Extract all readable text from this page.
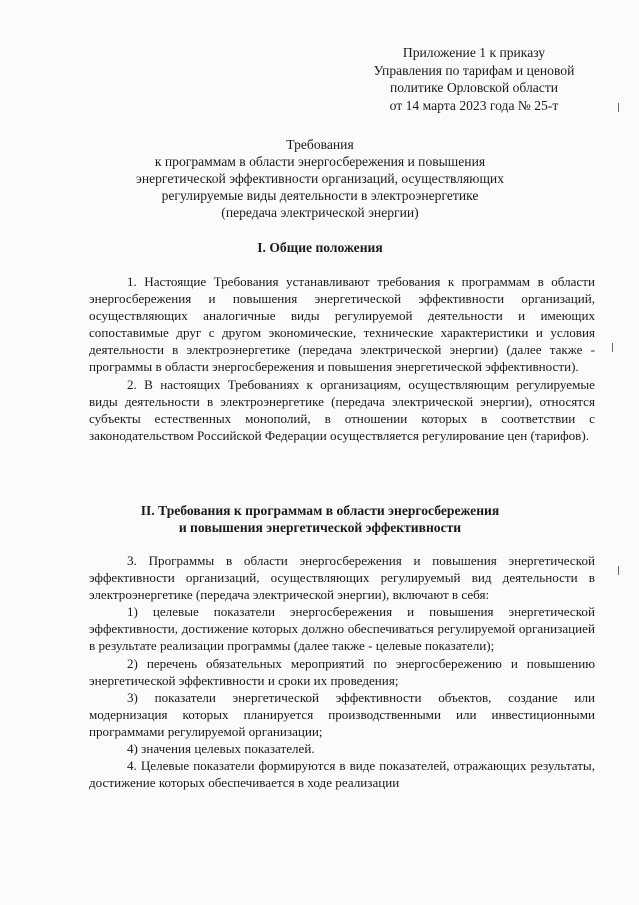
Приложение 1 к приказу
Управления по тарифам и ценовой
политике Орловской области
от 14 марта 2023 года № 25-т
Требования
к программам в области энергосбережения и повышения
энергетической эффективности организаций, осуществляющих
регулируемые виды деятельности в электроэнергетике
(передача электрической энергии)
I. Общие положения

1. Настоящие Требования устанавливают требования к программам в области энергосбережения и повышения энергетической эффективности организаций, осуществляющих аналогичные виды регулируемой деятельности и имеющих сопоставимые друг с другом экономические, технические характеристики и условия деятельности в электроэнергетике (передача электрической энергии) (далее также - программы в области энергосбережения и повышения энергетической эффективности).

2. В настоящих Требованиях к организациям, осуществляющим регулируемые виды деятельности в электроэнергетике (передача электрической энергии), относятся субъекты естественных монополий, в отношении которых в соответствии с законодательством Российской Федерации осуществляется регулирование цен (тарифов).

II. Требования к программам в области энергосбережения
и повышения энергетической эффективности

3. Программы в области энергосбережения и повышения энергетической эффективности организаций, осуществляющих регулируемый вид деятельности в электроэнергетике (передача электрической энергии), включают в себя:

1) целевые показатели энергосбережения и повышения энергетической эффективности, достижение которых должно обеспечиваться регулируемой организацией в результате реализации программы (далее также - целевые показатели);

2) перечень обязательных мероприятий по энергосбережению и повышению энергетической эффективности и сроки их проведения;

3) показатели энергетической эффективности объектов, создание или модернизация которых планируется производственными или инвестиционными программами регулируемой организации;

4) значения целевых показателей.

4. Целевые показатели формируются в виде показателей, отражающих результаты, достижение которых обеспечивается в ходе реализации
